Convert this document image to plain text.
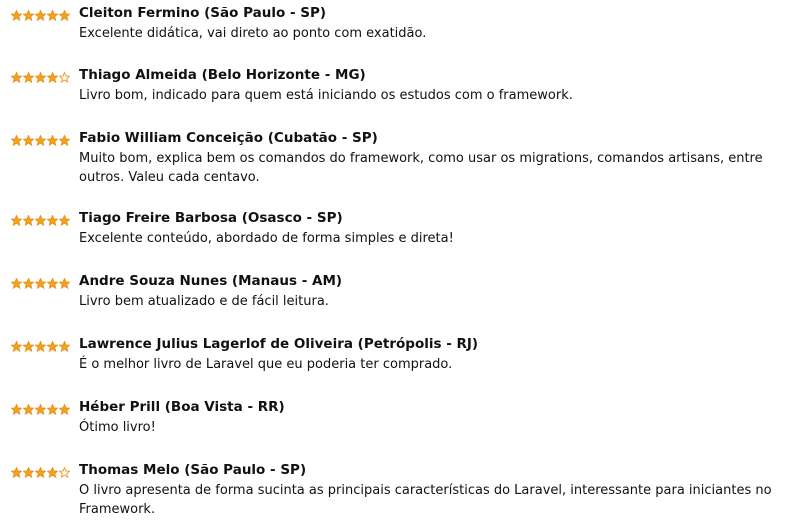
Cleiton Fermino (São Paulo - SP)
Excelente didática, vai direto ao ponto com exatidão.
Thiago Almeida (Belo Horizonte - MG)
Livro bom, indicado para quem está iniciando os estudos com o framework.
Fabio William Conceição (Cubatão - SP)
Muito bom, explica bem os comandos do framework, como usar os migrations, comandos artisans, entre outros. Valeu cada centavo.
Tiago Freire Barbosa (Osasco - SP)
Excelente conteúdo, abordado de forma simples e direta!
Andre Souza Nunes (Manaus - AM)
Livro bem atualizado e de fácil leitura.
Lawrence Julius Lagerlof de Oliveira (Petrópolis - RJ)
É o melhor livro de Laravel que eu poderia ter comprado.
Héber Prill (Boa Vista - RR)
Ótimo livro!
Thomas Melo (São Paulo - SP)
O livro apresenta de forma sucinta as principais características do Laravel, interessante para iniciantes no Framework.
